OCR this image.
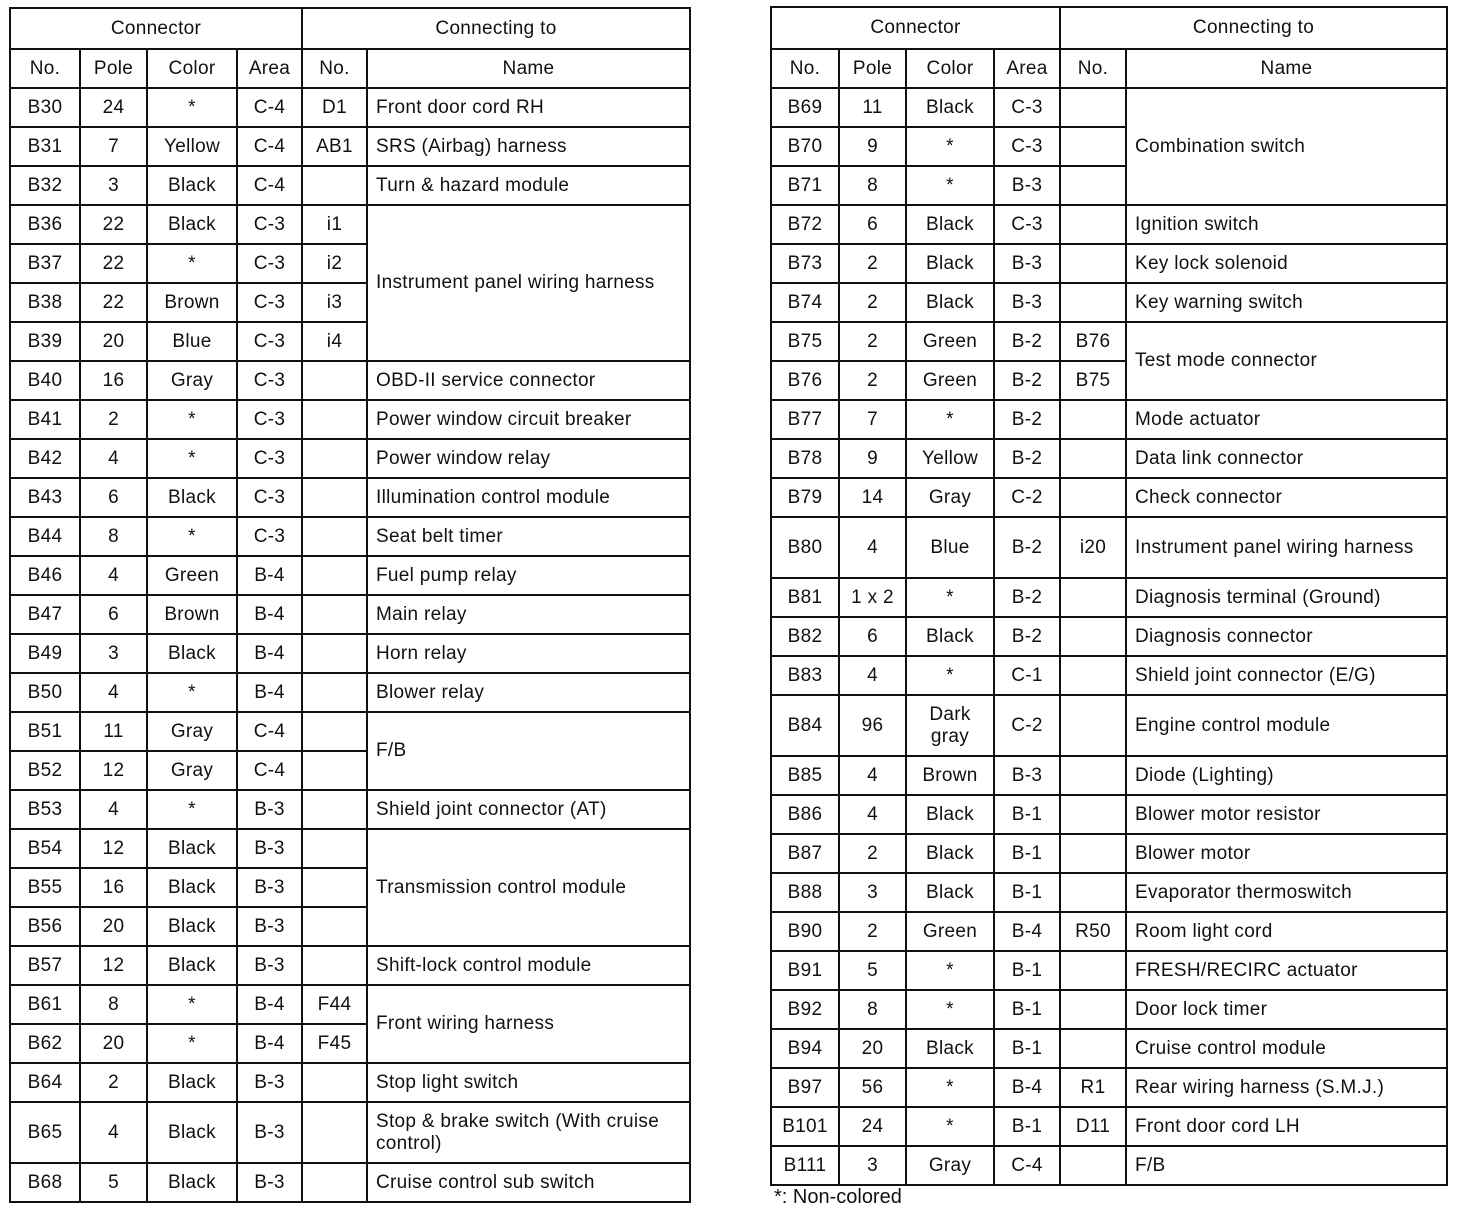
Connector				Connecting to	
No.	Pole	Color	Area	No.	Name
B30	24	*	C-4	D1	Front door cord RH
B31	7	Yellow	C-4	AB1	SRS (Airbag) harness
B32	3	Black	C-4		Turn & hazard module
B36	22	Black	C-3	i1	Instrument panel wiring harness
B37	22	*	C-3	i2	
B38	22	Brown	C-3	i3	
B39	20	Blue	C-3	i4	
B40	16	Gray	C-3		OBD-II service connector
B41	2	*	C-3		Power window circuit breaker
B42	4	*	C-3		Power window relay
B43	6	Black	C-3		Illumination control module
B44	8	*	C-3		Seat belt timer
B46	4	Green	B-4		Fuel pump relay
B47	6	Brown	B-4		Main relay
B49	3	Black	B-4		Horn relay
B50	4	*	B-4		Blower relay
B51	11	Gray	C-4		F/B
B52	12	Gray	C-4		
B53	4	*	B-3		Shield joint connector (AT)
B54	12	Black	B-3		Transmission control module
B55	16	Black	B-3		
B56	20	Black	B-3		
B57	12	Black	B-3		Shift-lock control module
B61	8	*	B-4	F44	Front wiring harness
B62	20	*	B-4	F45	
B64	2	Black	B-3		Stop light switch
B65	4	Black	B-3		Stop & brake switch (With cruise control)
B68	5	Black	B-3		Cruise control sub switch
Connector				Connecting to	
No.	Pole	Color	Area	No.	Name
B69	11	Black	C-3		Combination switch
B70	9	*	C-3		
B71	8	*	B-3		
B72	6	Black	C-3		Ignition switch
B73	2	Black	B-3		Key lock solenoid
B74	2	Black	B-3		Key warning switch
B75	2	Green	B-2	B76	Test mode connector
B76	2	Green	B-2	B75	
B77	7	*	B-2		Mode actuator
B78	9	Yellow	B-2		Data link connector
B79	14	Gray	C-2		Check connector
B80	4	Blue	B-2	i20	Instrument panel wiring harness
B81	1 x 2	*	B-2		Diagnosis terminal (Ground)
B82	6	Black	B-2		Diagnosis connector
B83	4	*	C-1		Shield joint connector (E/G)
B84	96	Dark gray	C-2		Engine control module
B85	4	Brown	B-3		Diode (Lighting)
B86	4	Black	B-1		Blower motor resistor
B87	2	Black	B-1		Blower motor
B88	3	Black	B-1		Evaporator thermoswitch
B90	2	Green	B-4	R50	Room light cord
B91	5	*	B-1		FRESH/RECIRC actuator
B92	8	*	B-1		Door lock timer
B94	20	Black	B-1		Cruise control module
B97	56	*	B-4	R1	Rear wiring harness (S.M.J.)
B101	24	*	B-1	D11	Front door cord LH
B111	3	Gray	C-4		F/B
*: Non-colored
